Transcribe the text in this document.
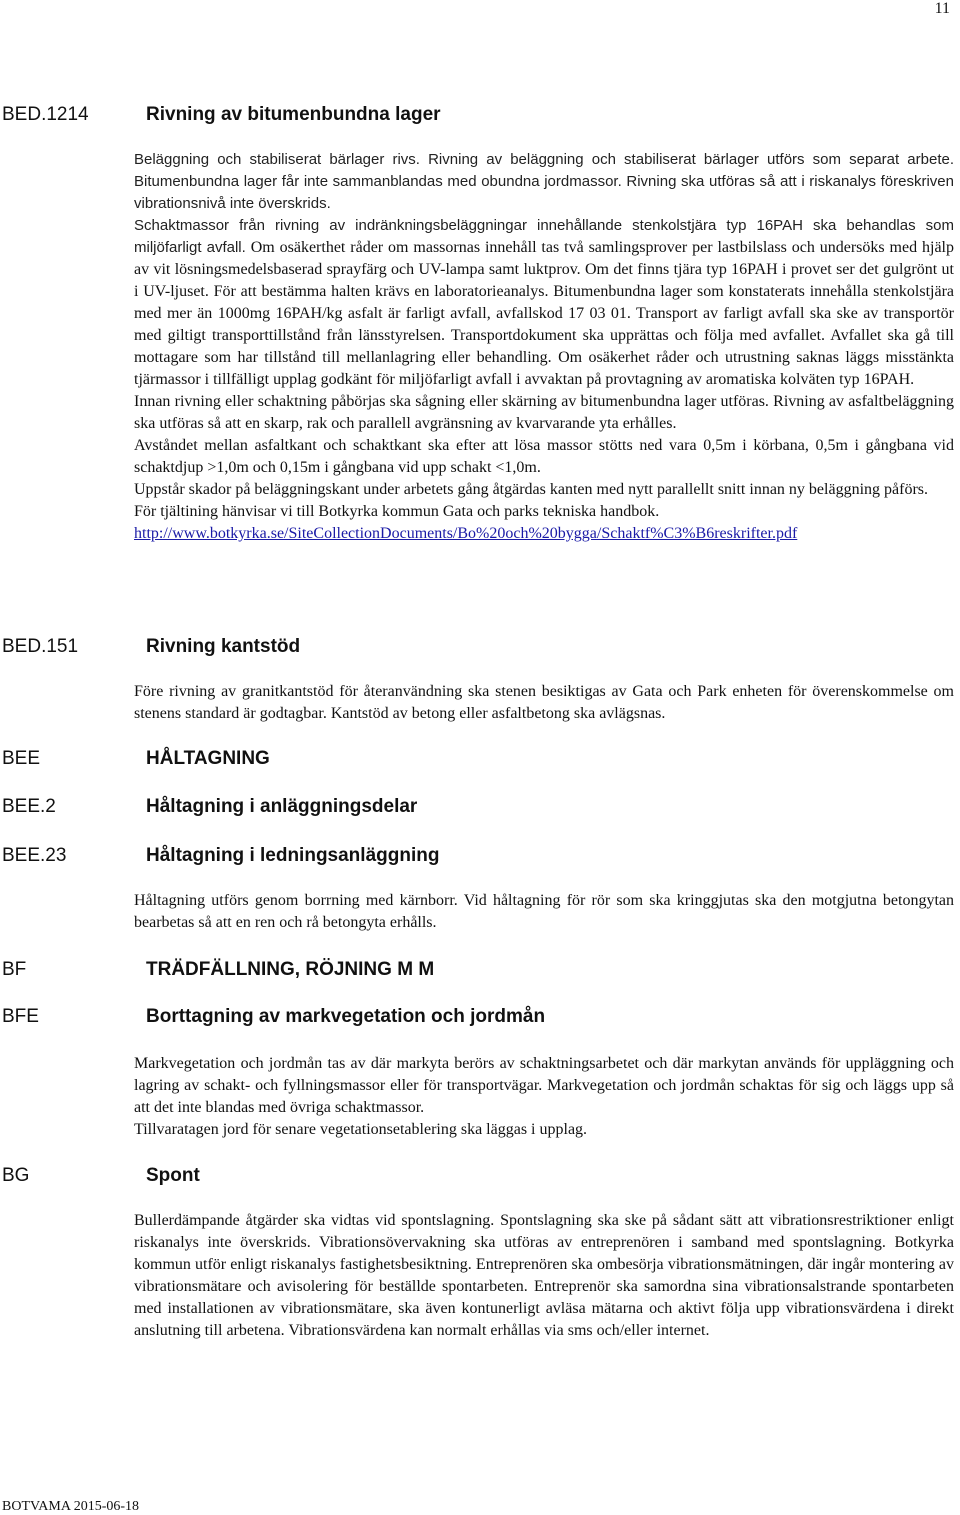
11
BED.1214	Rivning av bitumenbundna lager

Beläggning och stabiliserat bärlager rivs. Rivning av beläggning och stabiliserat bärlager utförs som separat arbete. Bitumenbundna lager får inte sammanblandas med obundna jordmassor. Rivning ska utföras så att i riskanalys föreskriven vibrationsnivå inte överskrids.

Schaktmassor från rivning av indränkningsbeläggningar innehållande stenkolstjära typ 16PAH ska behandlas som miljöfarligt avfall. Om osäkerthet råder om massornas innehåll tas två samlingsprover per lastbilslass och undersöks med hjälp av vit lösningsmedelsbaserad sprayfärg och UV-lampa samt luktprov. Om det finns tjära typ 16PAH i provet ser det gulgrönt ut i UV-ljuset. För att bestämma halten krävs en laboratorieanalys. Bitumenbundna lager som konstaterats innehålla stenkolstjära med mer än 1000mg 16PAH/kg asfalt är farligt avfall, avfallskod 17 03 01. Transport av farligt avfall ska ske av transportör med giltigt transporttillstånd från länsstyrelsen. Transportdokument ska upprättas och följa med avfallet. Avfallet ska gå till mottagare som har tillstånd till mellanlagring eller behandling. Om osäkerhet råder och utrustning saknas läggs misstänkta tjärmassor i tillfälligt upplag godkänt för miljöfarligt avfall i avvaktan på provtagning av aromatiska kolväten typ 16PAH.

Innan rivning eller schaktning påbörjas ska sågning eller skärning av bitumenbundna lager utföras. Rivning av asfaltbeläggning ska utföras så att en skarp, rak och parallell avgränsning av kvarvarande yta erhålles.

Avståndet mellan asfaltkant och schaktkant ska efter att lösa massor stötts ned vara 0,5m i körbana, 0,5m i gångbana vid schaktdjup >1,0m och 0,15m i gångbana vid upp schakt <1,0m.

Uppstår skador på beläggningskant under arbetets gång åtgärdas kanten med nytt parallellt snitt innan ny beläggning påförs.

För tjältining hänvisar vi till Botkyrka kommun Gata och parks tekniska handbok.

http://www.botkyrka.se/SiteCollectionDocuments/Bo%20och%20bygga/Schaktf%C3%B6reskrifter.pdf

BED.151	Rivning kantstöd

Före rivning av granitkantstöd för återanvändning ska stenen besiktigas av Gata och Park enheten för överenskommelse om stenens standard är godtagbar. Kantstöd av betong eller asfaltbetong ska avlägsnas.

BEE	HÅLTAGNING
BEE.2	Håltagning i anläggningsdelar
BEE.23	Håltagning i ledningsanläggning

Håltagning utförs genom borrning med kärnborr. Vid håltagning för rör som ska kringgjutas ska den motgjutna betongytan bearbetas så att en ren och rå betongyta erhålls.

BF	TRÄDFÄLLNING, RÖJNING M M
BFE	Borttagning av markvegetation och jordmån

Markvegetation och jordmån tas av där markyta berörs av schaktningsarbetet och där markytan används för uppläggning och lagring av schakt- och fyllningsmassor eller för transportvägar. Markvegetation och jordmån schaktas för sig och läggs upp så att det inte blandas med övriga schaktmassor.

Tillvaratagen jord för senare vegetationsetablering ska läggas i upplag.

BG	Spont

Bullerdämpande åtgärder ska vidtas vid spontslagning. Spontslagning ska ske på sådant sätt att vibrationsrestriktioner enligt riskanalys inte överskrids. Vibrationsövervakning ska utföras av entreprenören i samband med spontslagning. Botkyrka kommun utför enligt riskanalys fastighetsbesiktning. Entreprenören ska ombesörja vibrationsmätningen, där ingår montering av vibrationsmätare och avisolering för beställde spontarbeten. Entreprenör ska samordna sina vibrationsalstrande spontarbeten med installationen av vibrationsmätare, ska även kontunerligt avläsa mätarna och aktivt följa upp vibrationsvärdena i direkt anslutning till arbetena. Vibrationsvärdena kan normalt erhållas via sms och/eller internet.

BOTVAMA 2015-06-18
